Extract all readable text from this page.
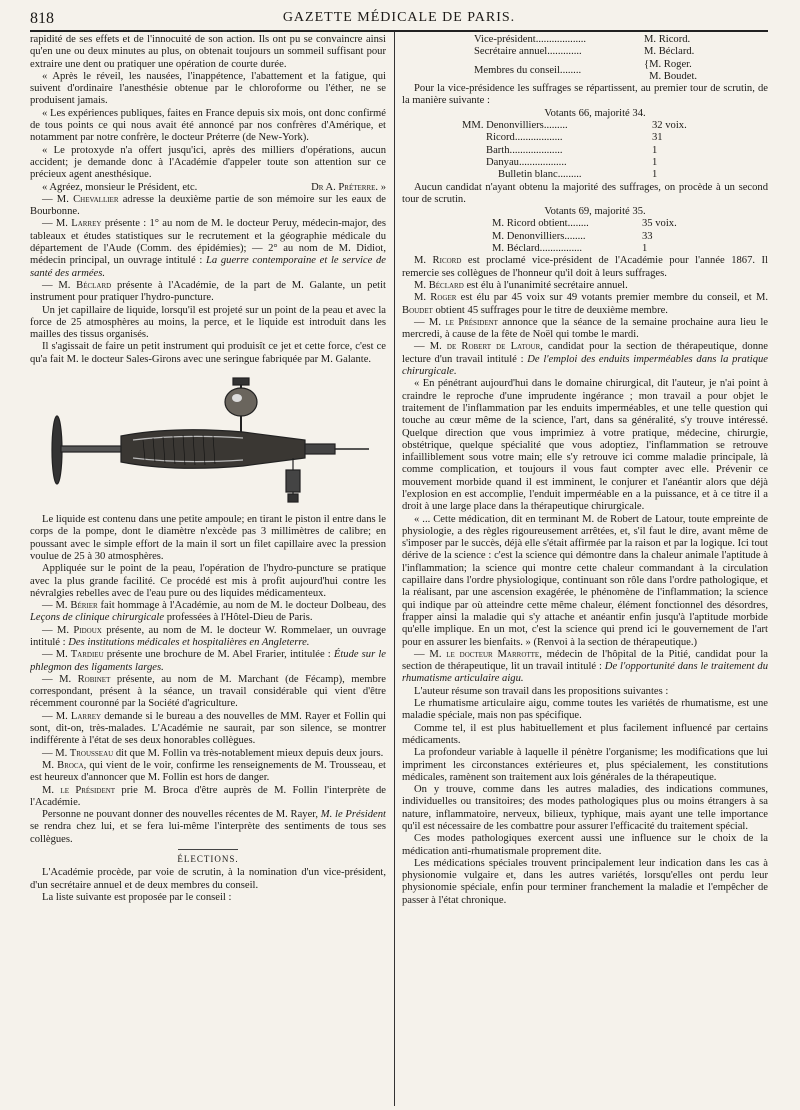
818	GAZETTE MÉDICALE DE PARIS.

rapidité de ses effets et de l'innocuité de son action. Ils ont pu se convaincre ainsi qu'en une ou deux minutes au plus, on obtenait toujours un sommeil suffisant pour extraire une dent ou pratiquer une opération de courte durée.

« Après le réveil, les nausées, l'inappétence, l'abattement et la fatigue, qui suivent d'ordinaire l'anesthésie obtenue par le chloroforme ou l'éther, ne se produisent jamais.

« Les expériences publiques, faites en France depuis six mois, ont donc confirmé de tous points ce qui nous avait été annoncé par nos confrères d'Amérique, et notamment par notre confrère, le docteur Préterre (de New-York).

« Le protoxyde n'a offert jusqu'ici, après des milliers d'opérations, aucun accident; je demande donc à l'Académie d'appeler toute son attention sur ce précieux agent anesthésique.

« Agréez, monsieur le Président, etc.	Dr A. Préterre. »

— M. Chevallier adresse la deuxième partie de son mémoire sur les eaux de Bourbonne.

— M. Larrey présente : 1° au nom de M. le docteur Peruy, médecin-major, des tableaux et études statistiques sur le recrutement et la géographie médicale du département de l'Aude (Comm. des épidémies); — 2° au nom de M. Didiot, médecin principal, un ouvrage intitulé : La guerre contemporaine et le service de santé des armées.

— M. Béclard présente à l'Académie, de la part de M. Galante, un petit instrument pour pratiquer l'hydro-puncture.

Un jet capillaire de liquide, lorsqu'il est projeté sur un point de la peau et avec la force de 25 atmosphères au moins, la perce, et le liquide est introduit dans les mailles des tissus organisés.

Il s'agissait de faire un petit instrument qui produisît ce jet et cette force, c'est ce qu'a fait M. le docteur Sales-Girons avec une seringue fabriquée par M. Galante.

Le liquide est contenu dans une petite ampoule; en tirant le piston il entre dans le corps de la pompe, dont le diamètre n'excède pas 3 millimètres de calibre; en poussant avec le simple effort de la main il sort un filet capillaire avec la pression voulue de 25 à 30 atmosphères.

Appliquée sur le point de la peau, l'opération de l'hydro-puncture se pratique avec la plus grande facilité. Ce procédé est mis à profit aujourd'hui contre les névralgies rebelles avec de l'eau pure ou des liquides médicamenteux.

— M. Bérier fait hommage à l'Académie, au nom de M. le docteur Dolbeau, des Leçons de clinique chirurgicale professées à l'Hôtel-Dieu de Paris.

— M. Pidoux présente, au nom de M. le docteur W. Rommelaer, un ouvrage intitulé : Des institutions médicales et hospitalières en Angleterre.

— M. Tardieu présente une brochure de M. Abel Frarier, intitulée : Étude sur le phlegmon des ligaments larges.

— M. Robinet présente, au nom de M. Marchant (de Fécamp), membre correspondant, présent à la séance, un travail considérable qui vient d'être récemment couronné par la Société d'agriculture.

— M. Larrey demande si le bureau a des nouvelles de MM. Rayer et Follin qui sont, dit-on, très-malades. L'Académie ne saurait, par son silence, se montrer indifférente à l'état de ses deux honorables collègues.

— M. Trousseau dit que M. Follin va très-notablement mieux depuis deux jours.

M. Broca, qui vient de le voir, confirme les renseignements de M. Trousseau, et est heureux d'annoncer que M. Follin est hors de danger.

M. le Président prie M. Broca d'être auprès de M. Follin l'interprète de l'Académie.

Personne ne pouvant donner des nouvelles récentes de M. Rayer, M. le Président se rendra chez lui, et se fera lui-même l'interprète des sentiments de tous ses collègues.

ÉLECTIONS.

L'Académie procède, par voie de scrutin, à la nomination d'un vice-président, d'un secrétaire annuel et de deux membres du conseil.

La liste suivante est proposée par le conseil :

Vice-président...................	M. Ricord.
Secrétaire annuel.............	M. Béclard.
Membres du conseil........
{ M. Roger.
M. Boudet.

Pour la vice-présidence les suffrages se répartissent, au premier tour de scrutin, de la manière suivante :

Votants 66, majorité 34.

MM. Denonvilliers.........	32 voix.
Ricord..................	31
Barth....................	1
Danyau..................	1
Bulletin blanc.........	1

Aucun candidat n'ayant obtenu la majorité des suffrages, on procède à un second tour de scrutin.

Votants 69, majorité 35.

M. Ricord obtient........	35 voix.
M. Denonvilliers........	33
M. Béclard................	1

M. Ricord est proclamé vice-président de l'Académie pour l'année 1867. Il remercie ses collègues de l'honneur qu'il doit à leurs suffrages.

M. Béclard est élu à l'unanimité secrétaire annuel.

M. Roger est élu par 45 voix sur 49 votants premier membre du conseil, et M. Boudet obtient 45 suffrages pour le titre de deuxième membre.

— M. le Président annonce que la séance de la semaine prochaine aura lieu le mercredi, à cause de la fête de Noël qui tombe le mardi.

— M. de Robert de Latour, candidat pour la section de thérapeutique, donne lecture d'un travail intitulé : De l'emploi des enduits imperméables dans la pratique chirurgicale.

« En pénétrant aujourd'hui dans le domaine chirurgical, dit l'auteur, je n'ai point à craindre le reproche d'une imprudente ingérance ; mon travail a pour objet le traitement de l'inflammation par les enduits imperméables, et une telle question qui touche au cœur même de la science, l'art, dans sa généralité, s'y trouve intéressé. Quelque direction que vous imprimiez à votre pratique, médecine, chirurgie, obstétrique, quelque spécialité que vous adoptiez, l'inflammation se retrouve infailliblement sous votre main; elle s'y retrouve ici comme maladie principale, là comme complication, et toujours il vous faut compter avec elle. Prévenir ce mouvement morbide quand il est imminent, le conjurer et l'anéantir alors que déjà l'explosion en est accomplie, l'enduit imperméable en a la puissance, et à ce titre il a droit à une large place dans la thérapeutique chirurgicale.

« ... Cette médication, dit en terminant M. de Robert de Latour, toute empreinte de physiologie, a des règles rigoureusement arrêtées, et, s'il faut le dire, avant même de s'imposer par le succès, déjà elle s'était affirmée par la raison et par la logique. Ici tout dérive de la science : c'est la science qui démontre dans la chaleur animale l'aptitude à l'inflammation; la science qui montre cette chaleur commandant à la circulation capillaire dans l'ordre physiologique, continuant son rôle dans l'ordre pathologique, et la réalisant, par une ascension exagérée, le phénomène de l'inflammation; la science qui indique par où atteindre cette même chaleur, élément fonctionnel des désordres, frapper ainsi la maladie qui s'y attache et anéantir enfin jusqu'à l'aptitude morbide qu'elle implique. En un mot, c'est la science qui prend ici le gouvernement de l'art pour en assurer les bienfaits. » (Renvoi à la section de thérapeutique.)

— M. le docteur Marrotte, médecin de l'hôpital de la Pitié, candidat pour la section de thérapeutique, lit un travail intitulé : De l'opportunité dans le traitement du rhumatisme articulaire aigu.

L'auteur résume son travail dans les propositions suivantes :

Le rhumatisme articulaire aigu, comme toutes les variétés de rhumatisme, est une maladie spéciale, mais non pas spécifique.

Comme tel, il est plus habituellement et plus facilement influencé par certains médicaments.

La profondeur variable à laquelle il pénètre l'organisme; les modifications que lui impriment les circonstances extérieures et, plus spécialement, les constitutions médicales, ramènent son traitement aux lois générales de la thérapeutique.

On y trouve, comme dans les autres maladies, des indications communes, individuelles ou transitoires; des modes pathologiques plus ou moins étrangers à sa nature, inflammatoire, nerveux, bilieux, typhique, mais ayant une telle importance qu'il est nécessaire de les combattre pour assurer l'efficacité du traitement spécial.

Ces modes pathologiques exercent aussi une influence sur le choix de la médication anti-rhumatismale proprement dite.

Les médications spéciales trouvent principalement leur indication dans les cas à physionomie vulgaire et, dans les autres variétés, lorsqu'elles ont perdu leur physionomie spéciale, enfin pour terminer franchement la maladie et l'empêcher de passer à l'état chronique.
